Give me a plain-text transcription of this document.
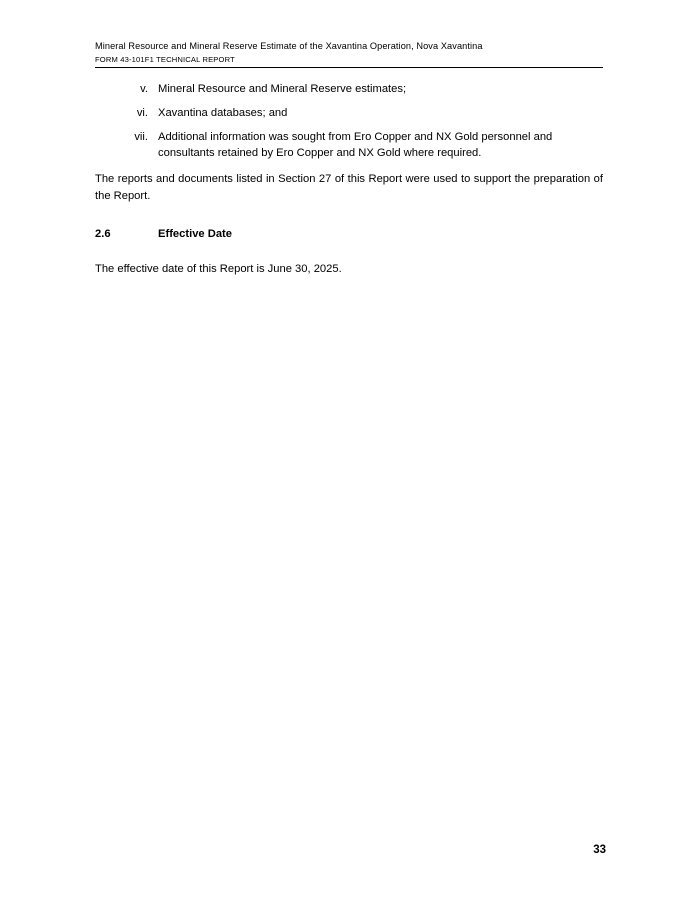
Mineral Resource and Mineral Reserve Estimate of the Xavantina Operation, Nova Xavantina
FORM 43-101F1 TECHNICAL REPORT
v. Mineral Resource and Mineral Reserve estimates;
vi. Xavantina databases; and
vii. Additional information was sought from Ero Copper and NX Gold personnel and consultants retained by Ero Copper and NX Gold where required.
The reports and documents listed in Section 27 of this Report were used to support the preparation of the Report.
2.6	Effective Date
The effective date of this Report is June 30, 2025.
33
